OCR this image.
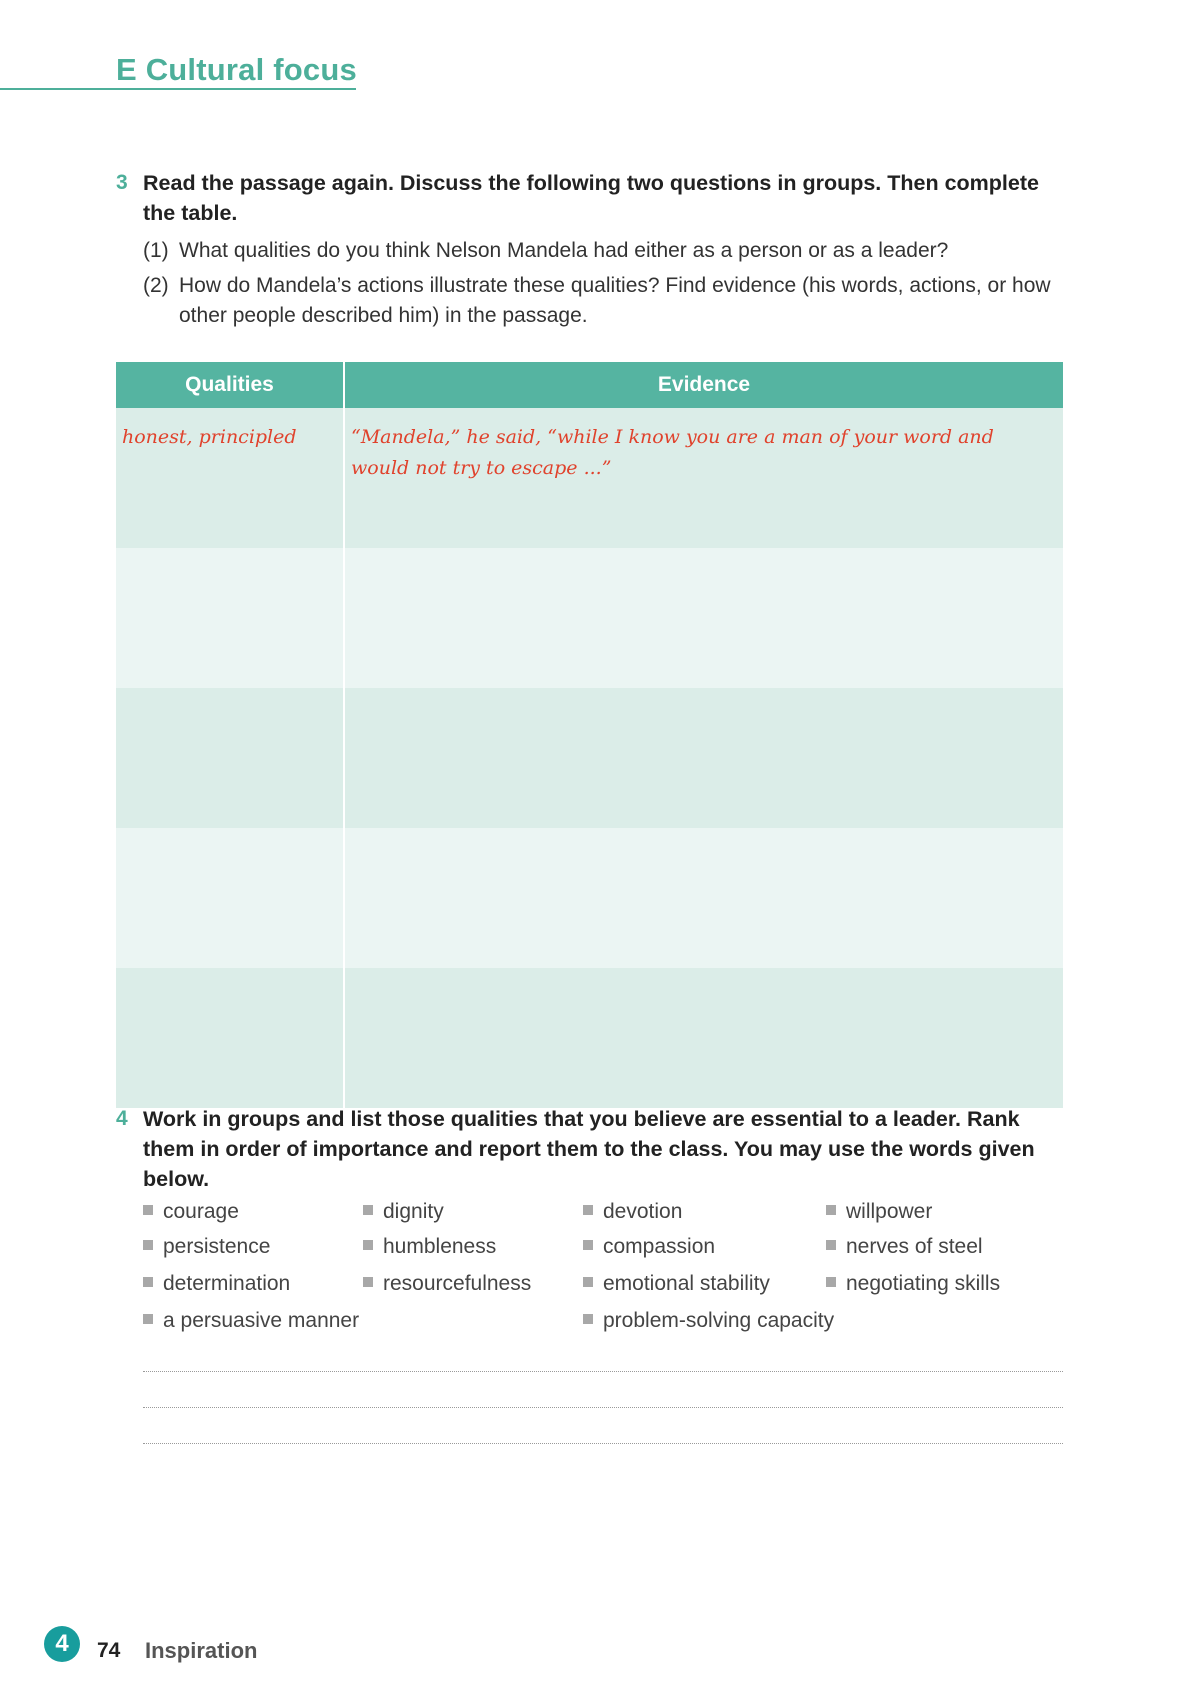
E Cultural focus
3 Read the passage again. Discuss the following two questions in groups. Then complete the table.

(1) What qualities do you think Nelson Mandela had either as a person or as a leader?
(2) How do Mandela’s actions illustrate these qualities? Find evidence (his words, actions, or how other people described him) in the passage.
Qualities	Evidence
honest, principled	“Mandela,” he said, “while I know you are a man of your word and would not try to escape ...”

4 Work in groups and list those qualities that you believe are essential to a leader. Rank them in order of importance and report them to the class. You may use the words given below.

courage	dignity	devotion	willpower
persistence	humbleness	compassion	nerves of steel
determination	resourcefulness	emotional stability	negotiating skills
a persuasive manner	problem-solving capacity
4	74 Inspiration
